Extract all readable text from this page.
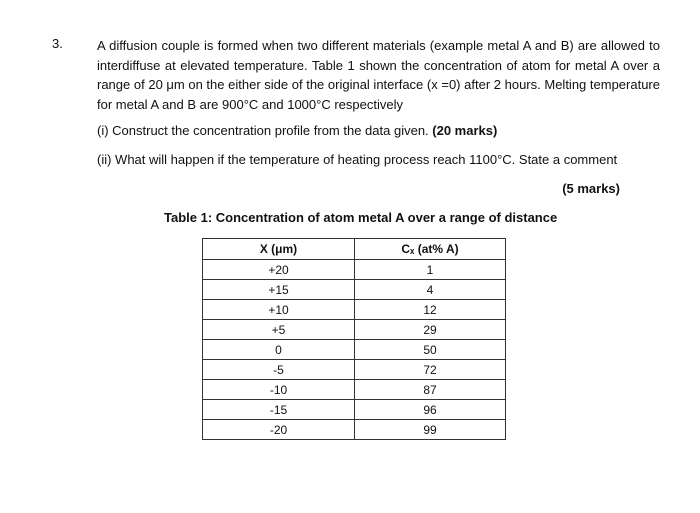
3.	A diffusion couple is formed when two different materials (example metal A and B) are allowed to interdiffuse at elevated temperature. Table 1 shown the concentration of atom for metal A over a range of 20 μm on the either side of the original interface (x =0) after 2 hours. Melting temperature for metal A and B are 900°C and 1000°C respectively

(i) Construct the concentration profile from the data given. (20 marks)
(ii) What will happen if the temperature of heating process reach 1100°C. State a comment
(5 marks)
Table 1: Concentration of atom metal A over a range of distance
X (μm)	Cₓ (at% A)
+20	1
+15	4
+10	12
+5	29
0	50
-5	72
-10	87
-15	96
-20	99
